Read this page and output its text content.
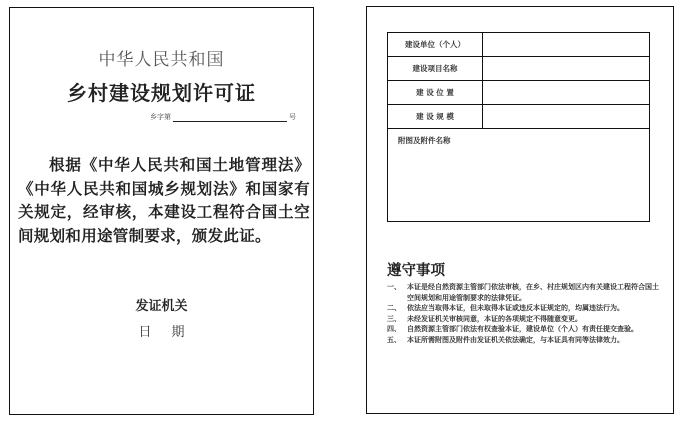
中华人民共和国
乡村建设规划许可证
乡字第	号
根据《中华人民共和国土地管理法》《中华人民共和国城乡规划法》和国家有关规定，经审核，本建设工程符合国土空间规划和用途管制要求，颁发此证。
发证机关
日 期
建设单位（个人）	
建设项目名称	
建 设 位 置	
建 设 规 模	
附图及附件名称	
遵守事项
一、 本证是经自然资源主管部门依法审核，在乡、村庄规划区内有关建设工程符合国土空间规划和用途管制要求的法律凭证。
二、 依法应当取得本证，但未取得本证或违反本证规定的，均属违法行为。
三、 未经发证机关审核同意，本证的各项规定不得随意变更。
四、 自然资源主管部门依法有权查验本证，建设单位（个人）有责任提交查验。
五、 本证所需附图及附件由发证机关依法确定，与本证具有同等法律效力。
